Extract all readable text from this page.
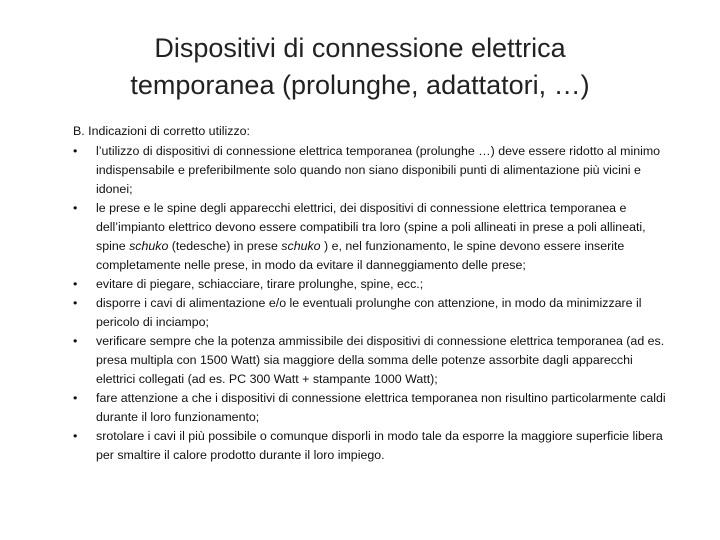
Dispositivi di connessione elettrica
temporanea (prolunghe, adattatori, …)
B. Indicazioni di corretto utilizzo:
•	l’utilizzo di dispositivi di connessione elettrica temporanea (prolunghe …) deve essere ridotto al minimo indispensabile e preferibilmente solo quando non siano disponibili punti di alimentazione più vicini e idonei;
•	le prese e le spine degli apparecchi elettrici, dei dispositivi di connessione elettrica temporanea e dell’impianto elettrico devono essere compatibili tra loro (spine a poli allineati in prese a poli allineati, spine schuko (tedesche) in prese schuko ) e, nel funzionamento, le spine devono essere inserite completamente nelle prese, in modo da evitare il danneggiamento delle prese;
•	evitare di piegare, schiacciare, tirare prolunghe, spine, ecc.;
•	disporre i cavi di alimentazione e/o le eventuali prolunghe con attenzione, in modo da minimizzare il pericolo di inciampo;
•	verificare sempre che la potenza ammissibile dei dispositivi di connessione elettrica temporanea (ad es. presa multipla con 1500 Watt) sia maggiore della somma delle potenze assorbite dagli apparecchi elettrici collegati (ad es. PC 300 Watt + stampante 1000 Watt);
•	fare attenzione a che i dispositivi di connessione elettrica temporanea non risultino particolarmente caldi durante il loro funzionamento;
•	srotolare i cavi il più possibile o comunque disporli in modo tale da esporre la maggiore superficie libera per smaltire il calore prodotto durante il loro impiego.
